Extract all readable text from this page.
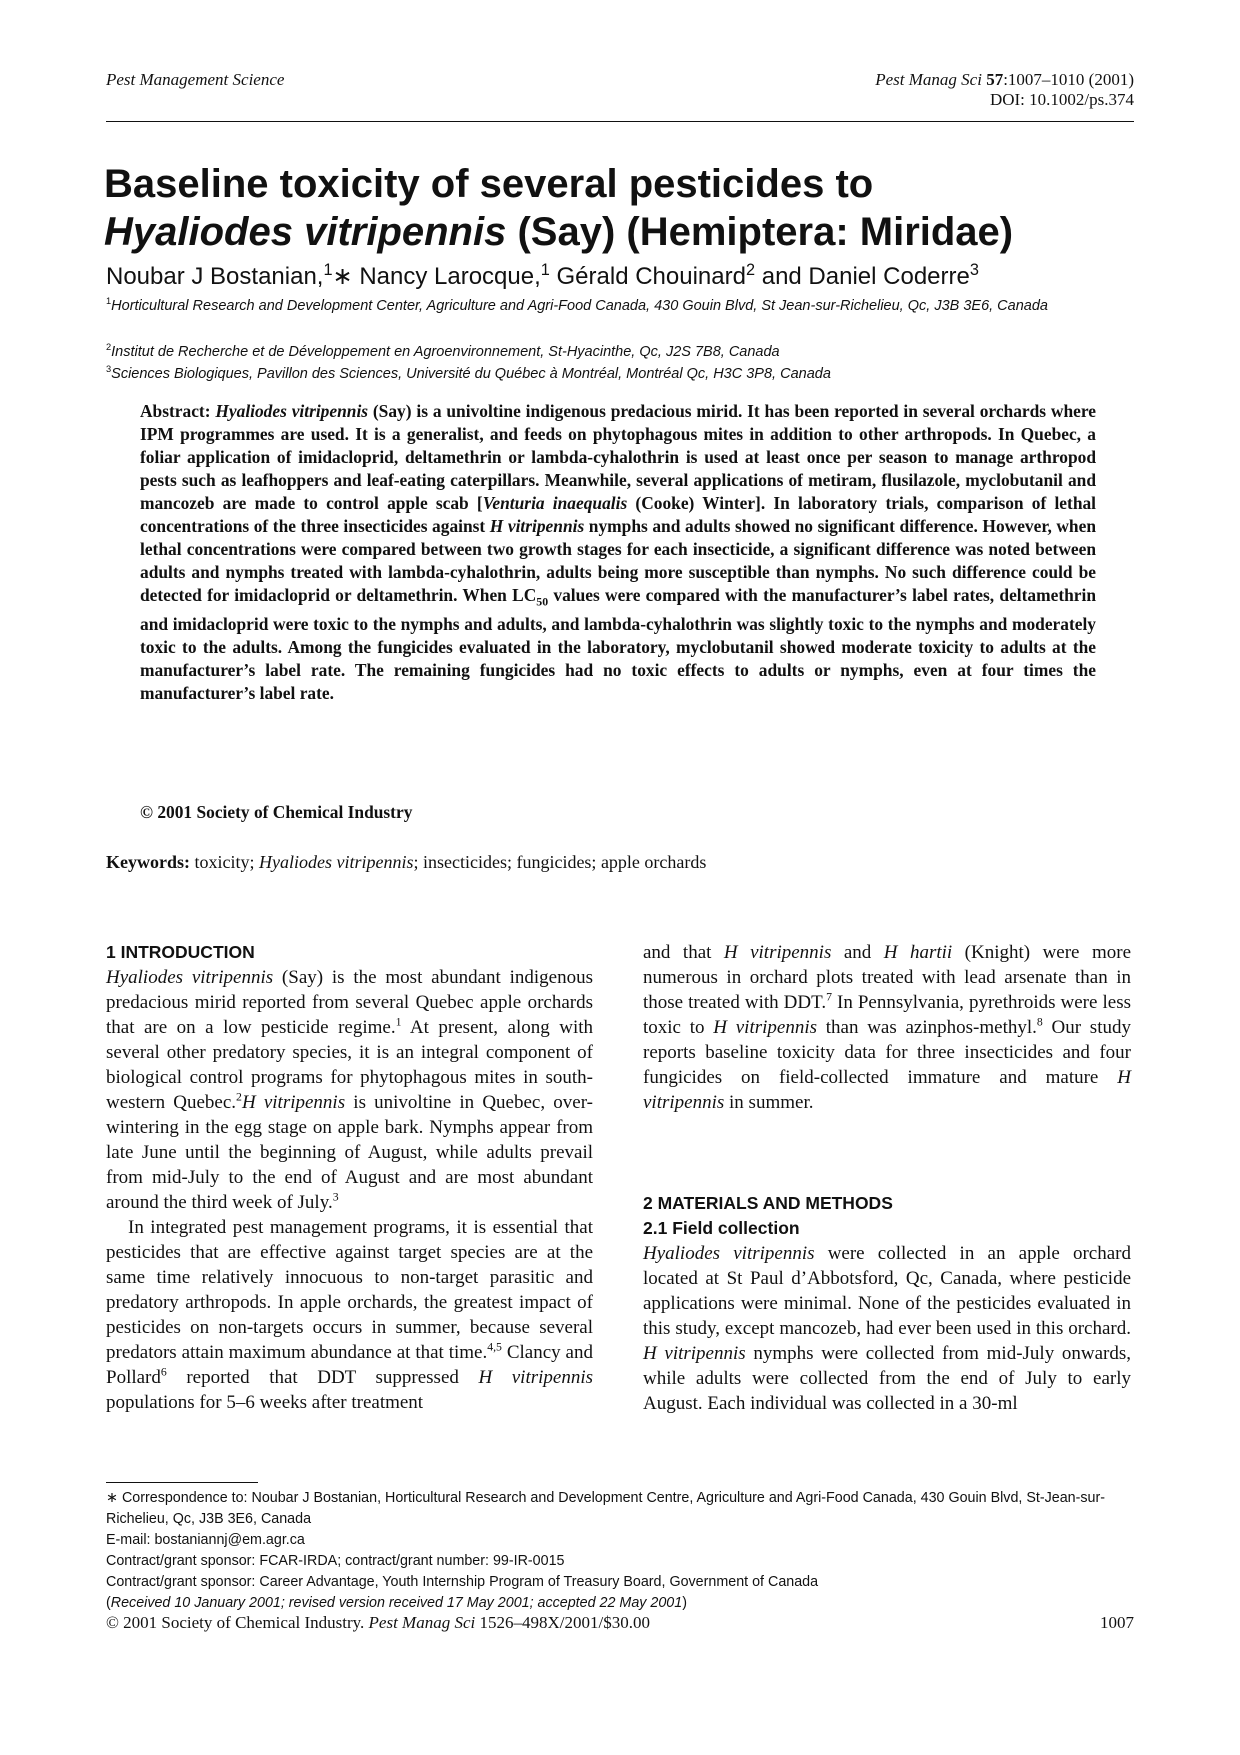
Pest Management Science	Pest Manag Sci 57:1007–1010 (2001)
DOI: 10.1002/ps.374
Baseline toxicity of several pesticides to
Hyaliodes vitripennis (Say) (Hemiptera: Miridae)
Noubar J Bostanian,$^1$∗ Nancy Larocque,$^1$ Gérald Chouinard$^2$ and Daniel Coderre$^3$
$^1$Horticultural Research and Development Center, Agriculture and Agri-Food Canada, 430 Gouin Blvd, St Jean-sur-Richelieu, Qc, J3B 3E6, Canada
$^2$Institut de Recherche et de Développement en Agroenvironnement, St-Hyacinthe, Qc, J2S 7B8, Canada
$^3$Sciences Biologiques, Pavillon des Sciences, Université du Québec à Montréal, Montréal Qc, H3C 3P8, Canada

Abstract: Hyaliodes vitripennis (Say) is a univoltine indigenous predacious mirid. It has been reported in several orchards where IPM programmes are used. It is a generalist, and feeds on phytophagous mites in addition to other arthropods. In Quebec, a foliar application of imidacloprid, deltamethrin or lambda-cyhalothrin is used at least once per season to manage arthropod pests such as leafhoppers and leaf-eating caterpillars. Meanwhile, several applications of metiram, flusilazole, myclobutanil and mancozeb are made to control apple scab [Venturia inaequalis (Cooke) Winter]. In laboratory trials, comparison of lethal concentrations of the three insecticides against H vitripennis nymphs and adults showed no significant difference. However, when lethal concentrations were compared between two growth stages for each insecticide, a significant difference was noted between adults and nymphs treated with lambda-cyhalothrin, adults being more susceptible than nymphs. No such difference could be detected for imidacloprid or deltamethrin. When $LC_{50}$ values were compared with the manufacturer’s label rates, deltamethrin and imidacloprid were toxic to the nymphs and adults, and lambda-cyhalothrin was slightly toxic to the nymphs and moderately toxic to the adults. Among the fungicides evaluated in the laboratory, myclobutanil showed moderate toxicity to adults at the manufacturer’s label rate. The remaining fungicides had no toxic effects to adults or nymphs, even at four times the manufacturer’s label rate.

© 2001 Society of Chemical Industry
Keywords: toxicity; Hyaliodes vitripennis; insecticides; fungicides; apple orchards
1 INTRODUCTION

Hyaliodes vitripennis (Say) is the most abundant indigenous predacious mirid reported from several Quebec apple orchards that are on a low pesticide regime.$^1$ At present, along with several other predatory species, it is an integral component of biological control programs for phytophagous mites in south-western Quebec.$^2$H vitripennis is univoltine in Quebec, over-wintering in the egg stage on apple bark. Nymphs appear from late June until the beginning of August, while adults prevail from mid-July to the end of August and are most abundant around the third week of July.$^3$

In integrated pest management programs, it is essential that pesticides that are effective against target species are at the same time relatively innocuous to non-target parasitic and predatory arthropods. In apple orchards, the greatest impact of pesticides on non-targets occurs in summer, because several predators attain maximum abundance at that time.$^{4,5}$ Clancy and Pollard$^6$ reported that DDT suppressed H vitripennis populations for 5–6 weeks after treatment

and that H vitripennis and H hartii (Knight) were more numerous in orchard plots treated with lead arsenate than in those treated with DDT.$^7$ In Pennsylvania, pyrethroids were less toxic to H vitripennis than was azinphos-methyl.$^8$ Our study reports baseline toxicity data for three insecticides and four fungicides on field-collected immature and mature H vitripennis in summer.

2 MATERIALS AND METHODS
2.1 Field collection

Hyaliodes vitripennis were collected in an apple orchard located at St Paul d’Abbotsford, Qc, Canada, where pesticide applications were minimal. None of the pesticides evaluated in this study, except mancozeb, had ever been used in this orchard. H vitripennis nymphs were collected from mid-July onwards, while adults were collected from the end of July to early August. Each individual was collected in a 30-ml

∗ Correspondence to: Noubar J Bostanian, Horticultural Research and Development Centre, Agriculture and Agri-Food Canada, 430 Gouin Blvd, St-Jean-sur-Richelieu, Qc, J3B 3E6, Canada
E-mail: bostaniannj@em.agr.ca
Contract/grant sponsor: FCAR-IRDA; contract/grant number: 99-IR-0015
Contract/grant sponsor: Career Advantage, Youth Internship Program of Treasury Board, Government of Canada
(Received 10 January 2001; revised version received 17 May 2001; accepted 22 May 2001)
© 2001 Society of Chemical Industry. Pest Manag Sci 1526–498X/2001/$30.00	1007
